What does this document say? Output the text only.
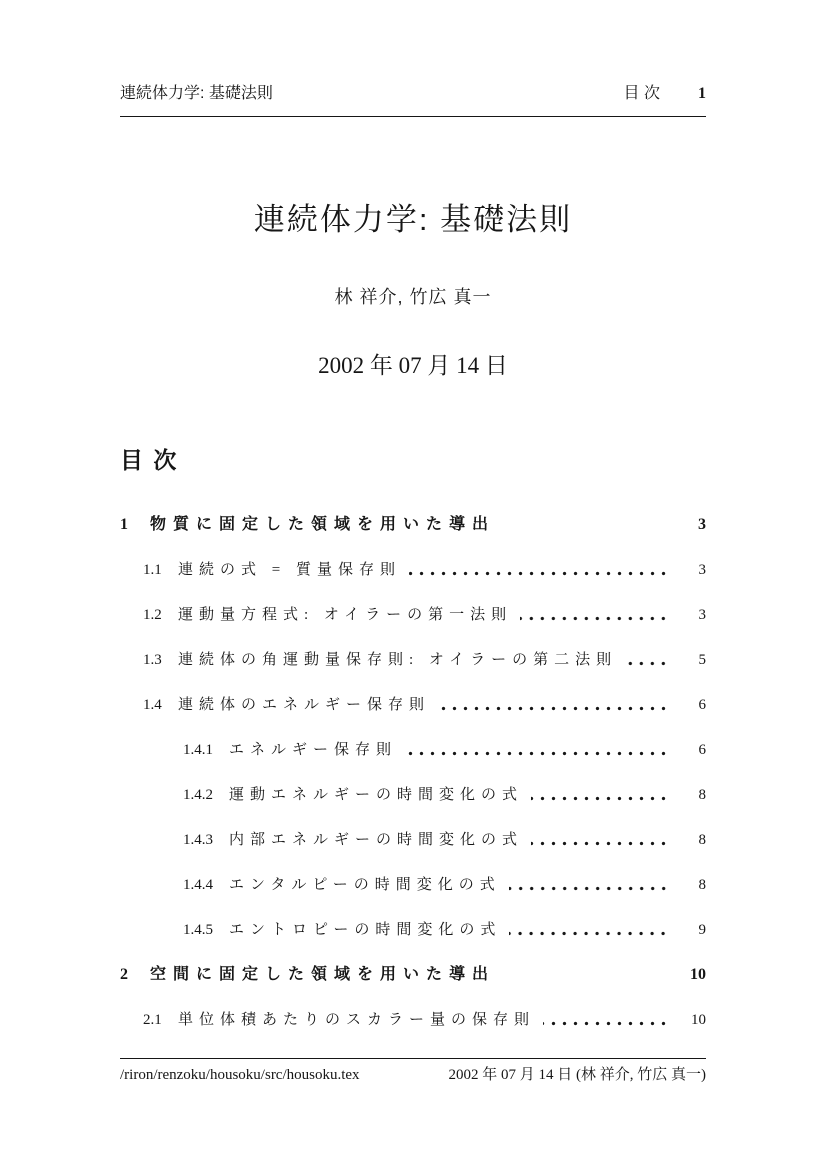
連続体力学: 基礎法則	目 次 1
連続体力学: 基礎法則
林 祥介, 竹広 真一
2002 年 07 月 14 日
目 次
1	物質に固定した領域を用いた導出	3
1.1	連続の式 = 質量保存則	3
1.2	運動量方程式: オイラーの第一法則	3
1.3	連続体の角運動量保存則: オイラーの第二法則	5
1.4	連続体のエネルギー保存則	6
1.4.1	エネルギー保存則	6
1.4.2	運動エネルギーの時間変化の式	8
1.4.3	内部エネルギーの時間変化の式	8
1.4.4	エンタルピーの時間変化の式	8
1.4.5	エントロピーの時間変化の式	9
2	空間に固定した領域を用いた導出	10
2.1	単位体積あたりのスカラー量の保存則	10
/riron/renzoku/housoku/src/housoku.tex	2002 年 07 月 14 日 (林 祥介, 竹広 真一)
